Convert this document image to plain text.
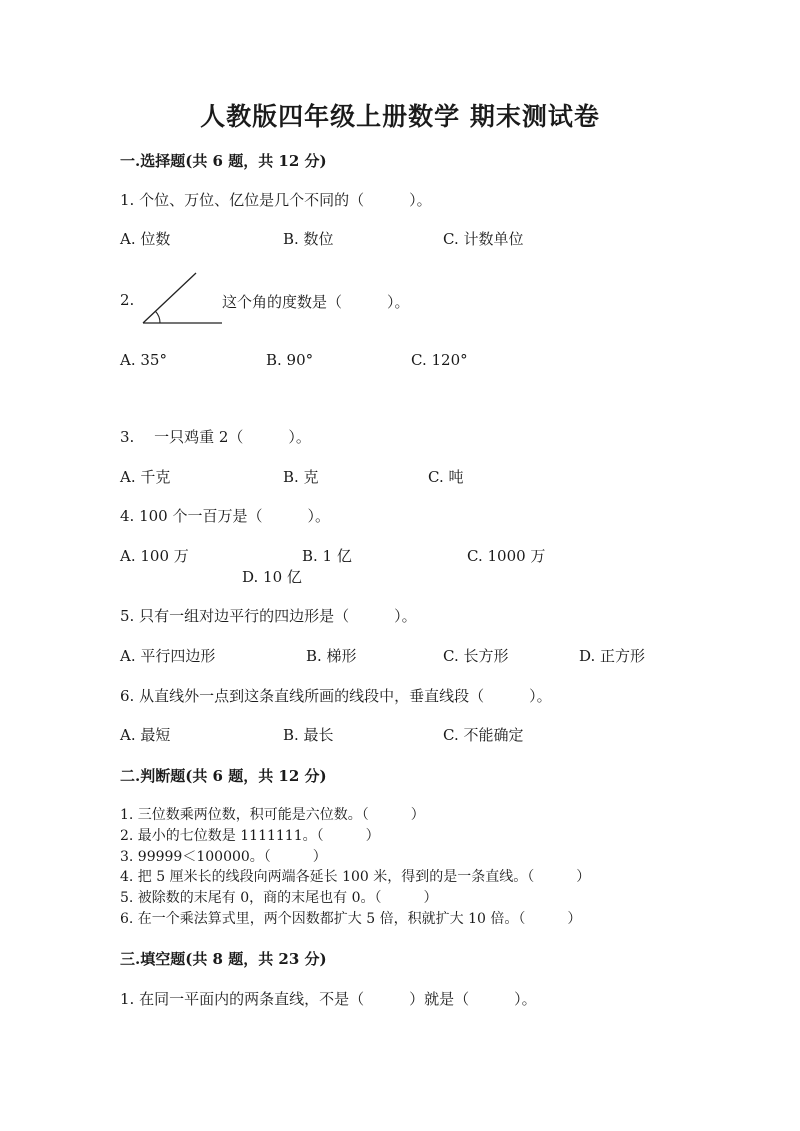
人教版四年级上册数学 期末测试卷
一.选择题(共 6 题，共 12 分)
1. 个位、万位、亿位是几个不同的（　　　）。
A. 位数	B. 数位	C. 计数单位
2.	这个角的度数是（　　　）。
A. 35°	B. 90°	C. 120°
3.　 一只鸡重 2（　　　）。
A. 千克	B. 克	C. 吨
4. 100 个一百万是（　　　）。
A. 100 万	B. 1 亿	C. 1000 万
D. 10 亿
5. 只有一组对边平行的四边形是（　　　）。
A. 平行四边形	B. 梯形	C. 长方形	D. 正方形
6. 从直线外一点到这条直线所画的线段中，垂直线段（　　　）。
A. 最短	B. 最长	C. 不能确定
二.判断题(共 6 题，共 12 分)
1. 三位数乘两位数，积可能是六位数。（　　　）
2. 最小的七位数是 1111111。（　　　）
3. 99999＜100000。（　　　）
4. 把 5 厘米长的线段向两端各延长 100 米，得到的是一条直线。（　　　）
5. 被除数的末尾有 0，商的末尾也有 0。（　　　）
6. 在一个乘法算式里，两个因数都扩大 5 倍，积就扩大 10 倍。（　　　）
三.填空题(共 8 题，共 23 分)
1. 在同一平面内的两条直线，不是（　　　）就是（　　　）。
